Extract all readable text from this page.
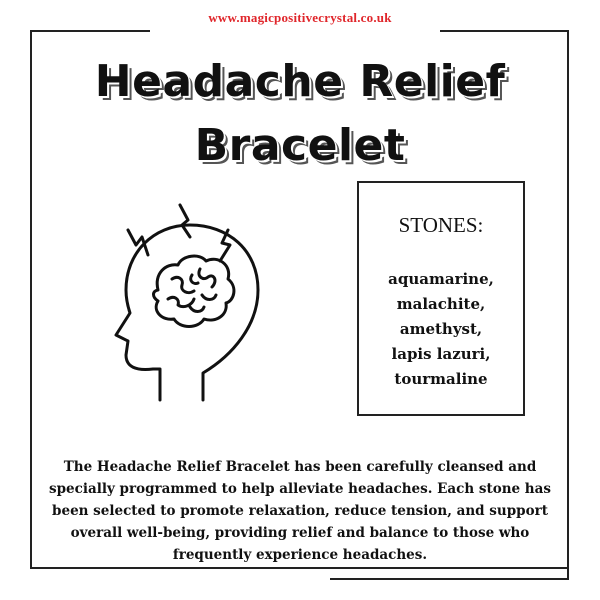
www.magicpositivecrystal.co.uk
Headache Relief
Bracelet
STONES:
aquamarine,
malachite,
amethyst,
lapis lazuri,
tourmaline
The Headache Relief Bracelet has been carefully cleansed and specially programmed to help alleviate headaches. Each stone has been selected to promote relaxation, reduce tension, and support overall well-being, providing relief and balance to those who frequently experience headaches.
